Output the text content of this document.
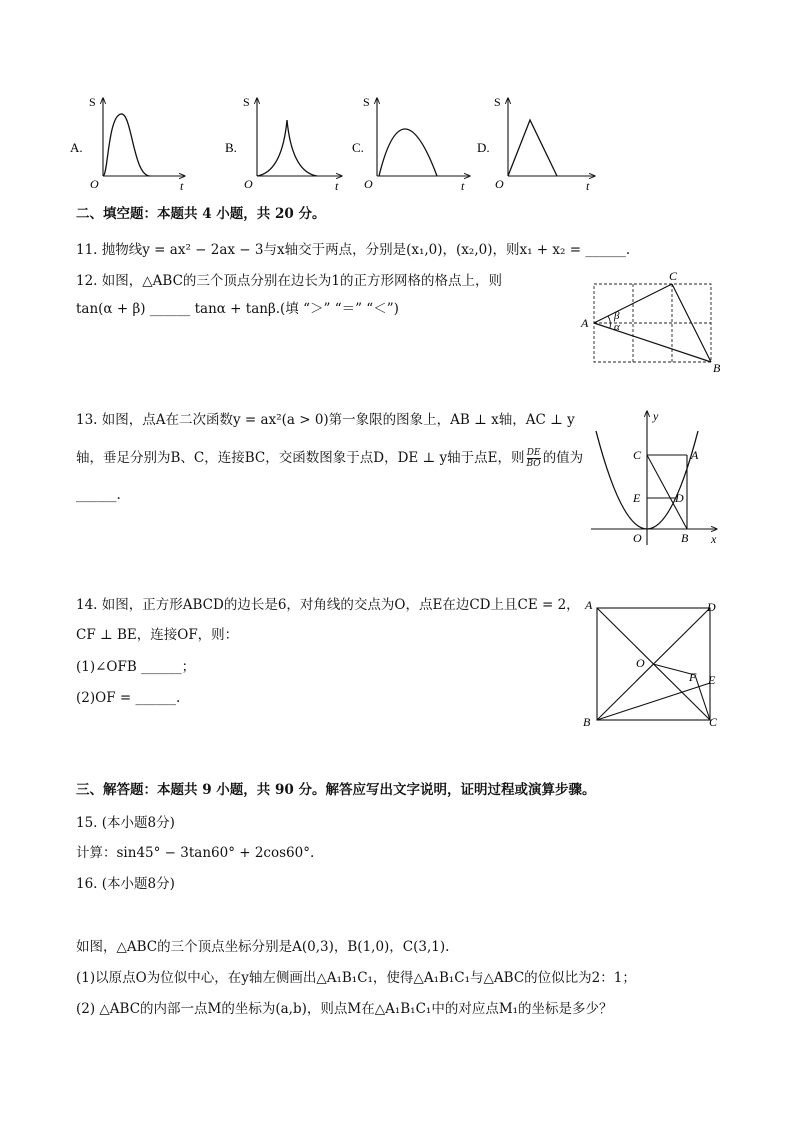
A.
S
O	t
B.
S
O	t
C.
S
O	t
D.
S
O	t
二、填空题：本题共 4 小题，共 20 分。
11. 抛物线y = ax² − 2ax − 3与x轴交于两点，分别是(x₁,0)，(x₂,0)，则x₁ + x₂ = ______.
12. 如图，△ABC的三个顶点分别在边长为1的正方形网格的格点上，则
tan(α + β) ______ tanα + tanβ.(填 “＞” “＝” “＜”)
A
C
B
β
α
13. 如图，点A在二次函数y = ax²(a > 0)第一象限的图象上，AB ⊥ x轴，AC ⊥ y
轴，垂足分别为B、C，连接BC，交函数图象于点D，DE ⊥ y轴于点E，则 $\frac{DE}{BO}$ 的值为
______.
y
x
C	A
E	D
O	B
14. 如图，正方形ABCD的边长是6，对角线的交点为O，点E在边CD上且CE = 2，
CF ⊥ BE，连接OF，则：
(1)∠OFB ______；
(2)OF = ______.
A	D
O
F E
B	C
三、解答题：本题共 9 小题，共 90 分。解答应写出文字说明，证明过程或演算步骤。
15. (本小题8分)
计算：sin45° − 3tan60° + 2cos60°.
16. (本小题8分)
如图，△ABC的三个顶点坐标分别是A(0,3)，B(1,0)，C(3,1).
(1)以原点O为位似中心，在y轴左侧画出△A₁B₁C₁，使得△A₁B₁C₁与△ABC的位似比为2：1；
(2) △ABC的内部一点M的坐标为(a,b)，则点M在△A₁B₁C₁中的对应点M₁的坐标是多少？
